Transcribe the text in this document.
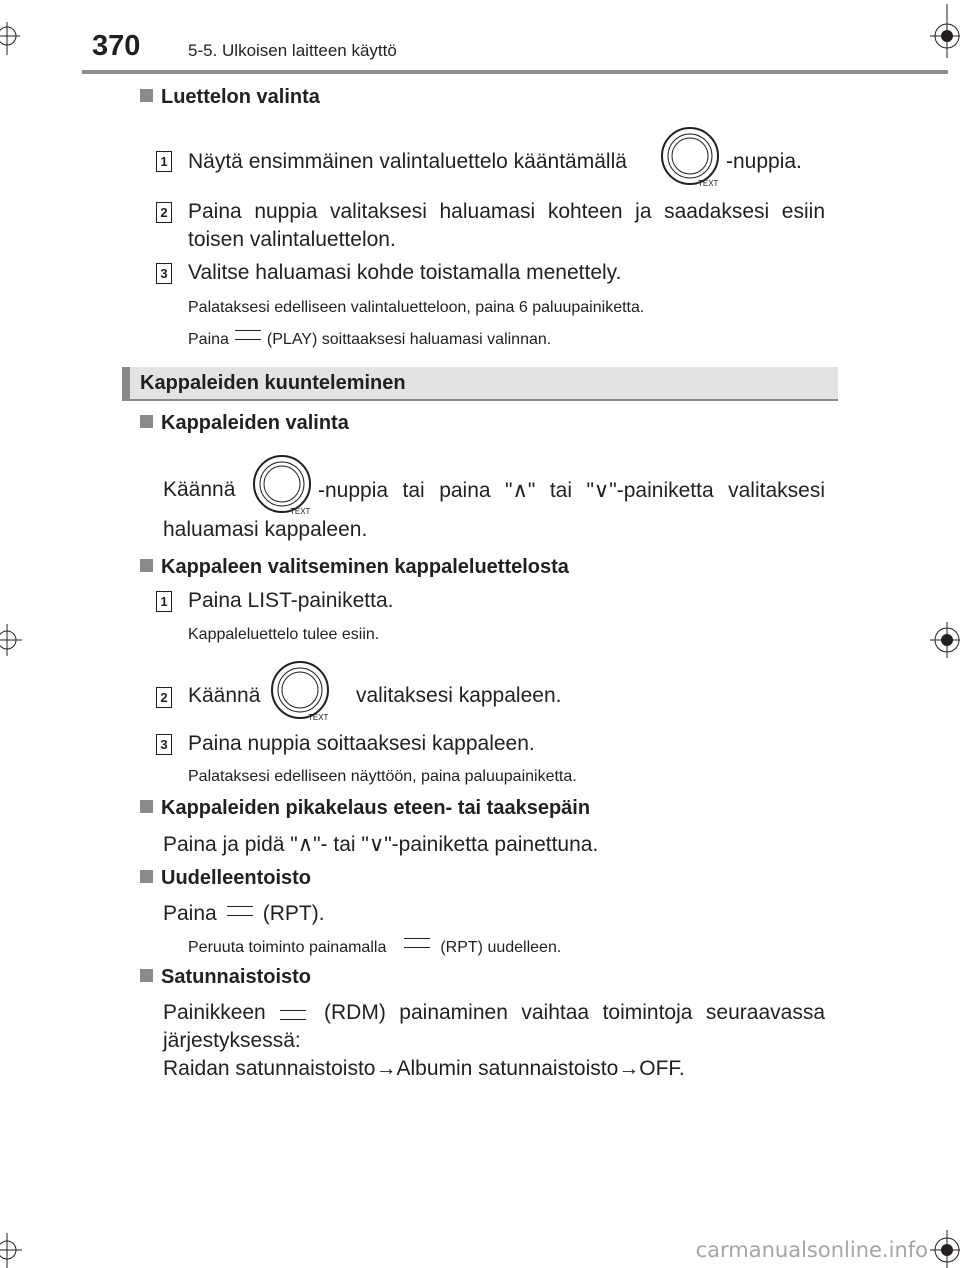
370	5-5. Ulkoisen laitteen käyttö
Luettelon valinta
1 Näytä ensimmäinen valintaluettelo kääntämällä
TEXT
-nuppia.
2 Paina nuppia valitaksesi haluamasi kohteen ja saadaksesi esiin
toisen valintaluettelon.
3 Valitse haluamasi kohde toistamalla menettely.
Palataksesi edelliseen valintaluetteloon, paina 6 paluupainiketta.
Paina (PLAY) soittaaksesi haluamasi valinnan.
Kappaleiden kuunteleminen
Kappaleiden valinta
Käännä
TEXT
-nuppia tai paina "∧" tai "∨"-painiketta valitaksesi
haluamasi kappaleen.
Kappaleen valitseminen kappaleluettelosta
1 Paina LIST-painiketta.
Kappaleluettelo tulee esiin.
2 Käännä
TEXT
valitaksesi kappaleen.
3 Paina nuppia soittaaksesi kappaleen.
Palataksesi edelliseen näyttöön, paina paluupainiketta.
Kappaleiden pikakelaus eteen- tai taaksepäin
Paina ja pidä "∧"- tai "∨"-painiketta painettuna.
Uudelleentoisto
Paina (RPT).
Peruuta toiminto painamalla	(RPT) uudelleen.
Satunnaistoisto
Painikkeen	(RDM) painaminen vaihtaa toimintoja seuraavassa
järjestyksessä:
Raidan satunnaistoisto→Albumin satunnaistoisto→OFF.
carmanualsonline.info
